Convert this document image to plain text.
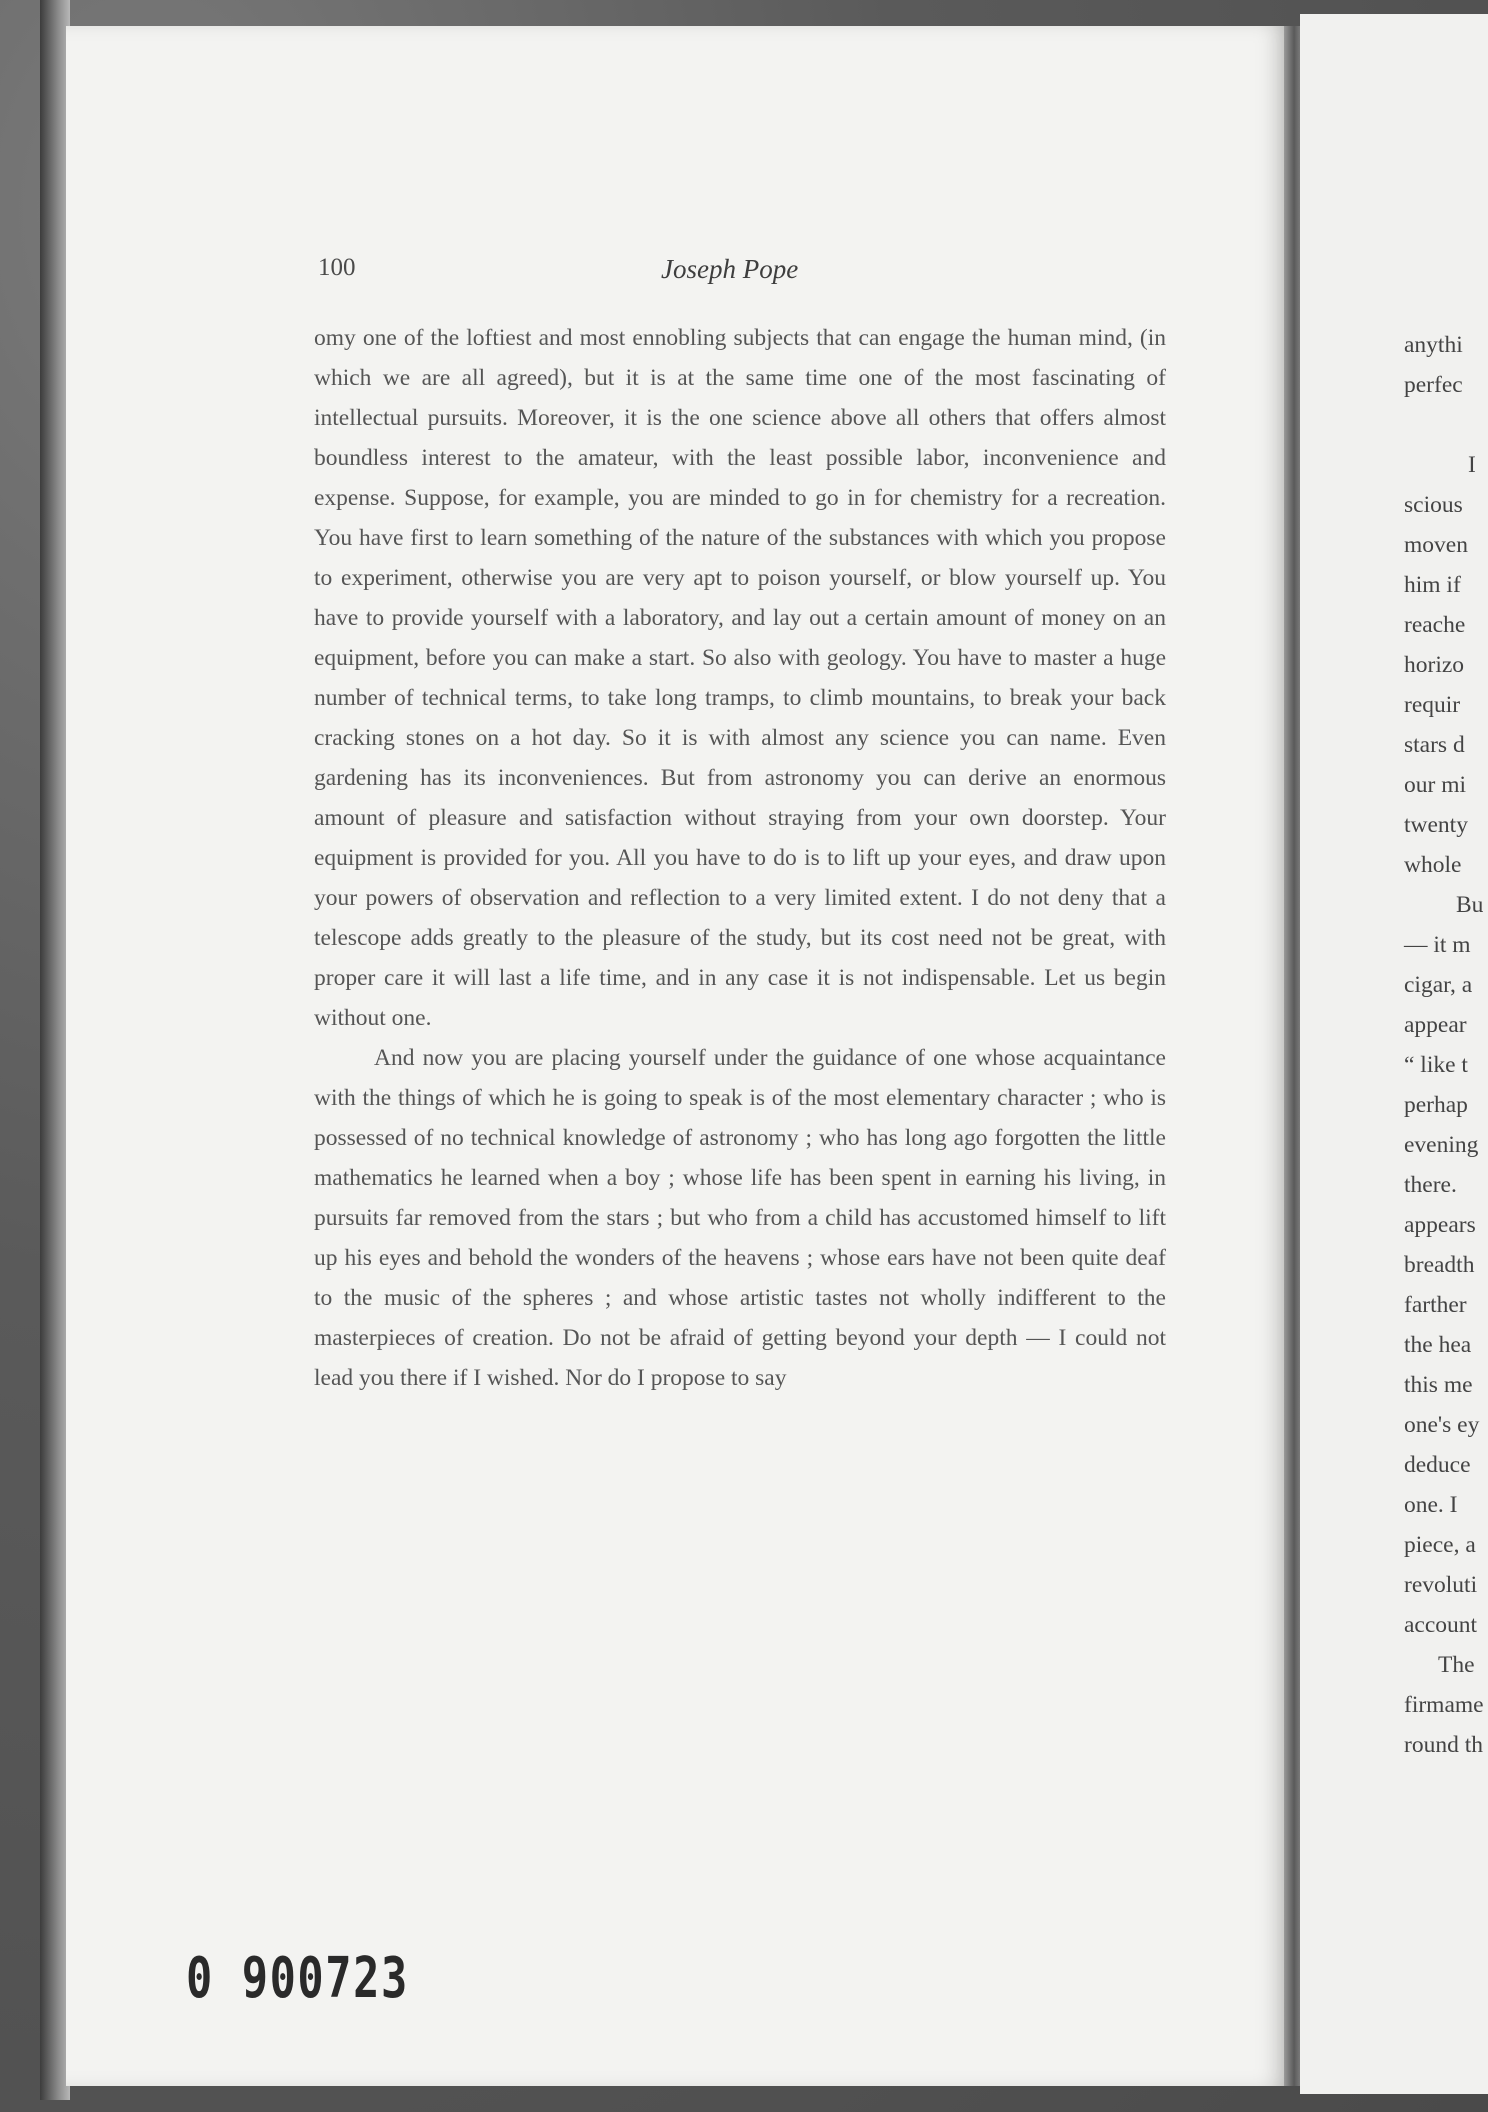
100	Joseph Pope

omy one of the loftiest and most ennobling subjects that can engage the human mind, (in which we are all agreed), but it is at the same time one of the most fascinating of intellectual pursuits. Moreover, it is the one science above all others that offers almost boundless interest to the amateur, with the least possible labor, inconvenience and expense. Suppose, for example, you are minded to go in for chemistry for a recreation. You have first to learn something of the nature of the substances with which you propose to experiment, otherwise you are very apt to poison yourself, or blow yourself up. You have to provide yourself with a laboratory, and lay out a certain amount of money on an equipment, before you can make a start. So also with geology. You have to master a huge number of technical terms, to take long tramps, to climb mountains, to break your back cracking stones on a hot day. So it is with almost any science you can name. Even gardening has its inconveniences. But from astronomy you can derive an enormous amount of pleasure and satisfaction without straying from your own doorstep. Your equipment is provided for you. All you have to do is to lift up your eyes, and draw upon your powers of observation and reflection to a very limited extent. I do not deny that a telescope adds greatly to the pleasure of the study, but its cost need not be great, with proper care it will last a life time, and in any case it is not indispensable. Let us begin without one.

And now you are placing yourself under the guidance of one whose acquaintance with the things of which he is going to speak is of the most elementary character ; who is possessed of no technical knowledge of astronomy ; who has long ago forgotten the little mathematics he learned when a boy ; whose life has been spent in earning his living, in pursuits far removed from the stars ; but who from a child has accustomed himself to lift up his eyes and behold the wonders of the heavens ; whose ears have not been quite deaf to the music of the spheres ; and whose artistic tastes not wholly indifferent to the masterpieces of creation. Do not be afraid of getting beyond your depth — I could not lead you there if I wished. Nor do I propose to say

0 900723
anythi
perfec
I
scious
moven
him if
reache
horizo
requir
stars d
our mi
twenty
whole
Bu
— it m
cigar, a
appear
“ like t
perhap
evening
there.
appears
breadth
farther
the hea
this me
one's ey
deduce
one. I
piece, a
revoluti
account
The
firmame
round th
